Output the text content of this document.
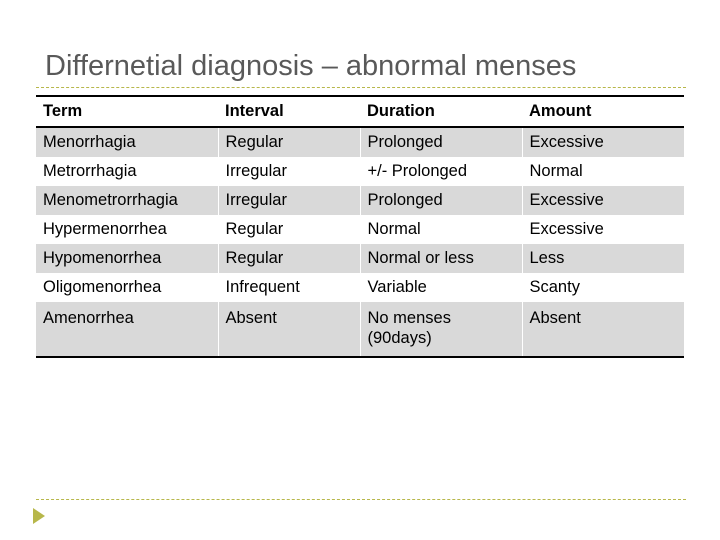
Differnetial diagnosis – abnormal menses
Term	Interval	Duration	Amount
Menorrhagia	Regular	Prolonged	Excessive
Metrorrhagia	Irregular	+/- Prolonged	Normal
Menometrorrhagia	Irregular	Prolonged	Excessive
Hypermenorrhea	Regular	Normal	Excessive
Hypomenorrhea	Regular	Normal or less	Less
Oligomenorrhea	Infrequent	Variable	Scanty
Amenorrhea	Absent	No menses (90days)	Absent
